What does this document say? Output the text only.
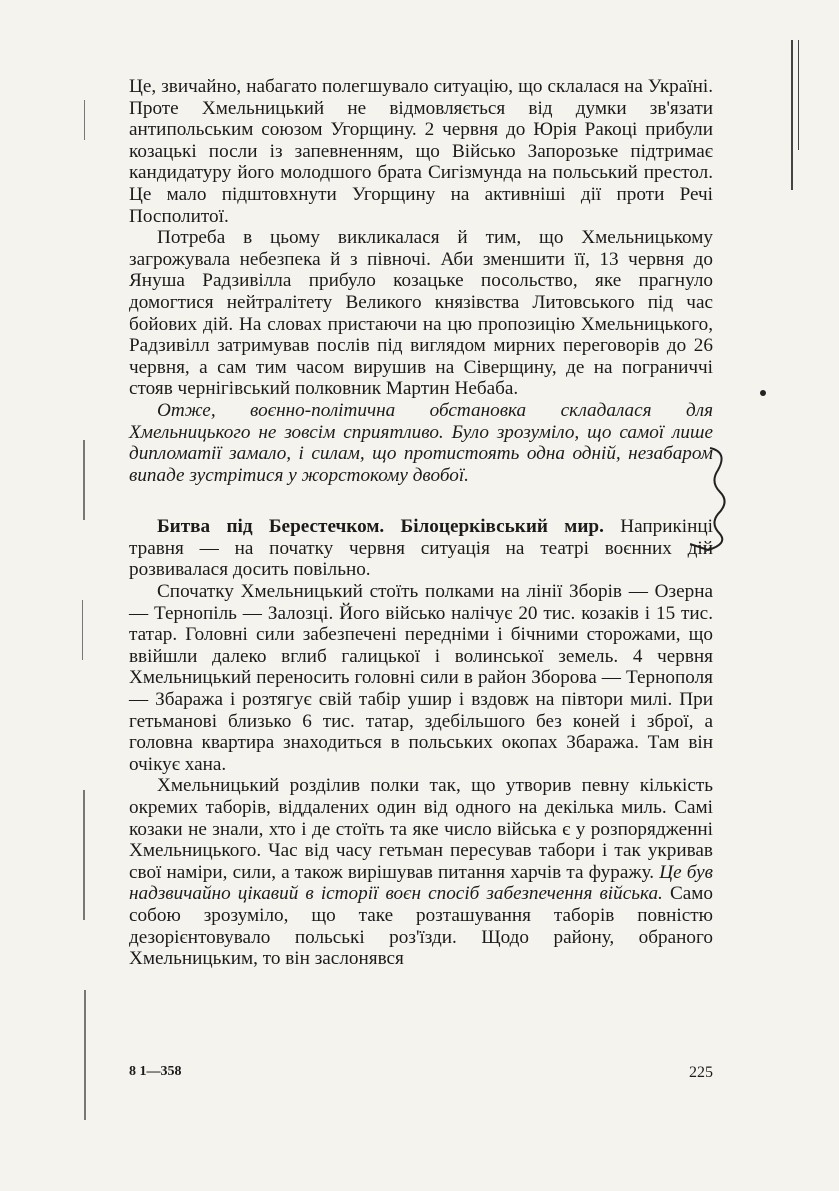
Це, звичайно, набагато полегшувало ситуацію, що склалася на Україні. Проте Хмельницький не відмовляється від думки зв'язати антипольським союзом Угорщину. 2 червня до Юрія Ракоці прибули козацькі посли із запевненням, що Військо Запорозьке підтримає кандидатуру його молодшого брата Сигізмунда на польський престол. Це мало підштовхнути Угорщину на активніші дії проти Речі Посполитої.

Потреба в цьому викликалася й тим, що Хмельницькому загрожувала небезпека й з півночі. Аби зменшити її, 13 червня до Януша Радзивілла прибуло козацьке посольство, яке прагнуло домогтися нейтралітету Великого князівства Литовського під час бойових дій. На словах пристаючи на цю пропозицію Хмельницького, Радзивілл затримував послів під виглядом мирних переговорів до 26 червня, а сам тим часом вирушив на Сіверщину, де на пограниччі стояв чернігівський полковник Мартин Небаба.

Отже, воєнно-політична обстановка складалася для Хмельницького не зовсім сприятливо. Було зрозуміло, що самої лише дипломатії замало, і силам, що протистоять одна одній, незабаром випаде зустрітися у жорстокому двобої.

Битва під Берестечком. Білоцерківський мир. Наприкінці травня — на початку червня ситуація на театрі воєнних дій розвивалася досить повільно.

Спочатку Хмельницький стоїть полками на лінії Зборів — Озерна — Тернопіль — Залозці. Його військо налічує 20 тис. козаків і 15 тис. татар. Головні сили забезпечені передніми і бічними сторожами, що ввійшли далеко вглиб галицької і волинської земель. 4 червня Хмельницький переносить головні сили в район Зборова — Тернополя — Збаража і розтягує свій табір ушир і вздовж на півтори милі. При гетьманові близько 6 тис. татар, здебільшого без коней і зброї, а головна квартира знаходиться в польських окопах Збаража. Там він очікує хана.

Хмельницький розділив полки так, що утворив певну кількість окремих таборів, віддалених один від одного на декілька миль. Самі козаки не знали, хто і де стоїть та яке число війська є у розпорядженні Хмельницького. Час від часу гетьман пересував табори і так укривав свої наміри, сили, а також вирішував питання харчів та фуражу. Це був надзвичайно цікавий в історії воєн спосіб забезпечення війська. Само собою зрозуміло, що таке розташування таборів повністю дезорієнтовувало польські роз'їзди. Щодо району, обраного Хмельницьким, то він заслонявся

8 1—358	225
